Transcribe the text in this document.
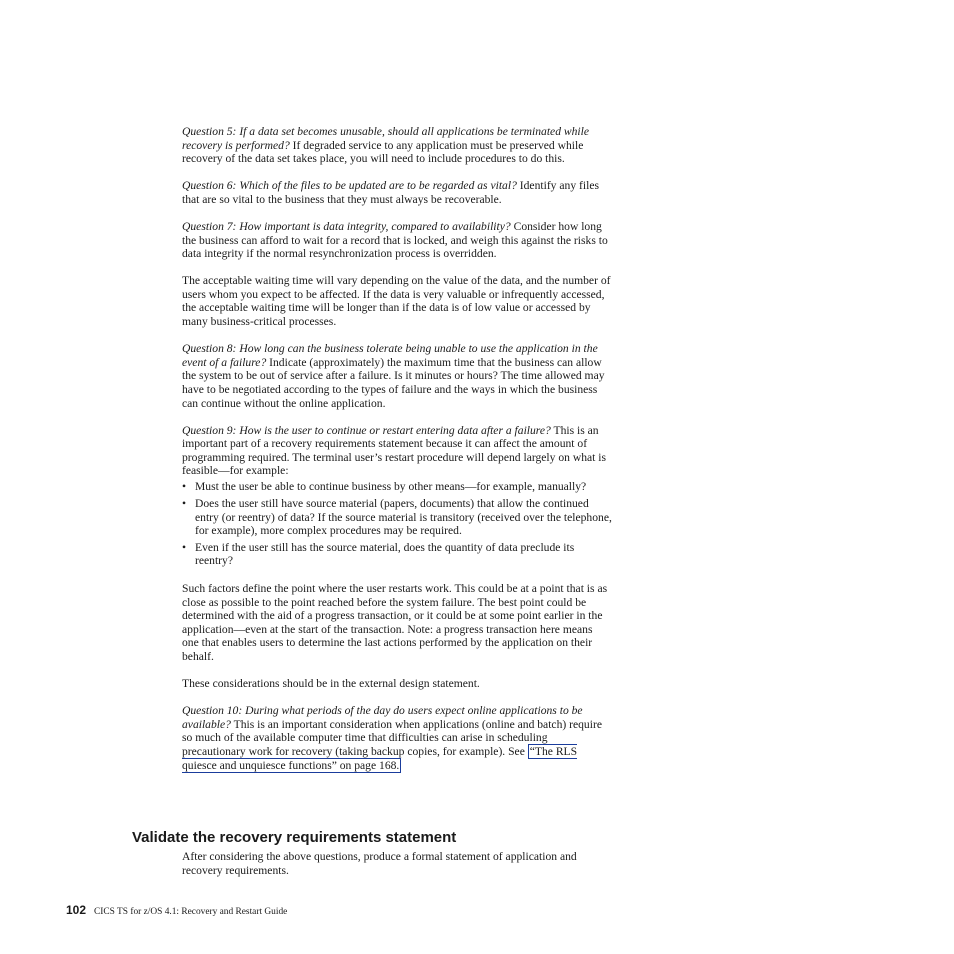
Question 5: If a data set becomes unusable, should all applications be terminated while recovery is performed? If degraded service to any application must be preserved while recovery of the data set takes place, you will need to include procedures to do this.

Question 6: Which of the files to be updated are to be regarded as vital? Identify any files that are so vital to the business that they must always be recoverable.

Question 7: How important is data integrity, compared to availability? Consider how long the business can afford to wait for a record that is locked, and weigh this against the risks to data integrity if the normal resynchronization process is overridden.

The acceptable waiting time will vary depending on the value of the data, and the number of users whom you expect to be affected. If the data is very valuable or infrequently accessed, the acceptable waiting time will be longer than if the data is of low value or accessed by many business-critical processes.

Question 8: How long can the business tolerate being unable to use the application in the event of a failure? Indicate (approximately) the maximum time that the business can allow the system to be out of service after a failure. Is it minutes or hours? The time allowed may have to be negotiated according to the types of failure and the ways in which the business can continue without the online application.

Question 9: How is the user to continue or restart entering data after a failure? This is an important part of a recovery requirements statement because it can affect the amount of programming required. The terminal user’s restart procedure will depend largely on what is feasible—for example:

• Must the user be able to continue business by other means—for example, manually?
• Does the user still have source material (papers, documents) that allow the continued entry (or reentry) of data? If the source material is transitory (received over the telephone, for example), more complex procedures may be required.
• Even if the user still has the source material, does the quantity of data preclude its reentry?

Such factors define the point where the user restarts work. This could be at a point that is as close as possible to the point reached before the system failure. The best point could be determined with the aid of a progress transaction, or it could be at some point earlier in the application—even at the start of the transaction. Note: a progress transaction here means one that enables users to determine the last actions performed by the application on their behalf.

These considerations should be in the external design statement.

Question 10: During what periods of the day do users expect online applications to be available? This is an important consideration when applications (online and batch) require so much of the available computer time that difficulties can arise in scheduling precautionary work for recovery (taking backup copies, for example). See “The RLS quiesce and unquiesce functions” on page 168.

Validate the recovery requirements statement
After considering the above questions, produce a formal statement of application and recovery requirements.
102 CICS TS for z/OS 4.1: Recovery and Restart Guide
